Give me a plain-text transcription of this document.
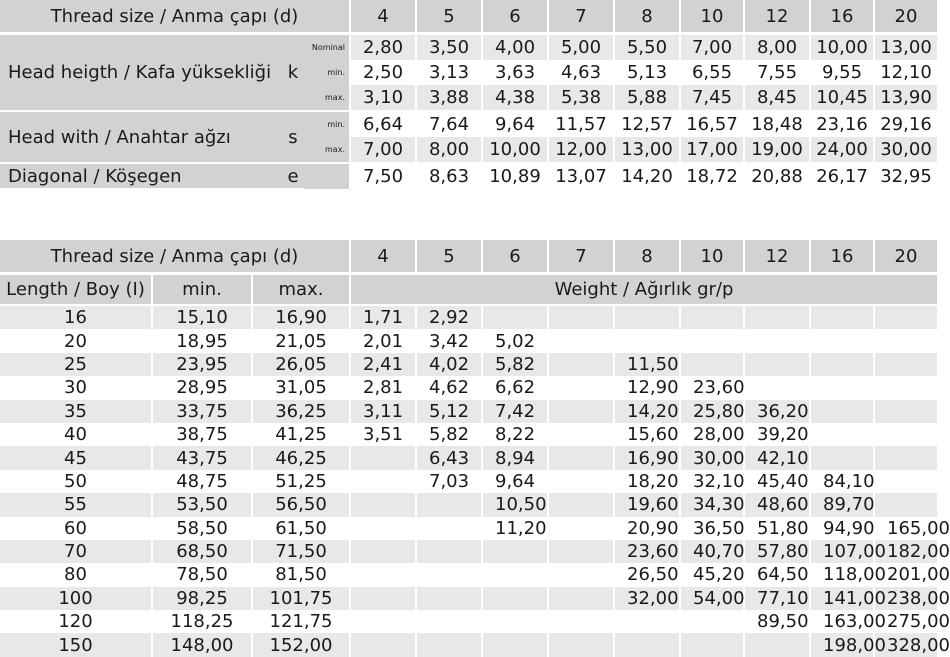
Thread size / Anma çapı (d)			4	5	6	7	8	10	12	16	20
Head heigth / Kafa yüksekliği	k	Nominal	2,80	3,50	4,00	5,00	5,50	7,00	8,00	10,00	13,00
		min.	2,50	3,13	3,63	4,63	5,13	6,55	7,55	9,55	12,10
		max.	3,10	3,88	4,38	5,38	5,88	7,45	8,45	10,45	13,90
Head with / Anahtar ağzı	s	min.	6,64	7,64	9,64	11,57	12,57	16,57	18,48	23,16	29,16
		max.	7,00	8,00	10,00	12,00	13,00	17,00	19,00	24,00	30,00
Diagonal / Köşegen	e		7,50	8,63	10,89	13,07	14,20	18,72	20,88	26,17	32,95
Thread size / Anma çapı (d)			4	5	6	7	8	10	12	16	20
Length / Boy (I)	min.	max.	Weight / Ağırlık gr/p								
16	15,10	16,90	1,71	2,92							
20	18,95	21,05	2,01	3,42	5,02						
25	23,95	26,05	2,41	4,02	5,82		11,50				
30	28,95	31,05	2,81	4,62	6,62		12,90	23,60			
35	33,75	36,25	3,11	5,12	7,42		14,20	25,80	36,20		
40	38,75	41,25	3,51	5,82	8,22		15,60	28,00	39,20		
45	43,75	46,25		6,43	8,94		16,90	30,00	42,10		
50	48,75	51,25		7,03	9,64		18,20	32,10	45,40	84,10	
55	53,50	56,50			10,50		19,60	34,30	48,60	89,70	
60	58,50	61,50			11,20		20,90	36,50	51,80	94,90	165,00
70	68,50	71,50					23,60	40,70	57,80	107,00	182,00
80	78,50	81,50					26,50	45,20	64,50	118,00	201,00
100	98,25	101,75					32,00	54,00	77,10	141,00	238,00
120	118,25	121,75							89,50	163,00	275,00
150	148,00	152,00								198,00	328,00
